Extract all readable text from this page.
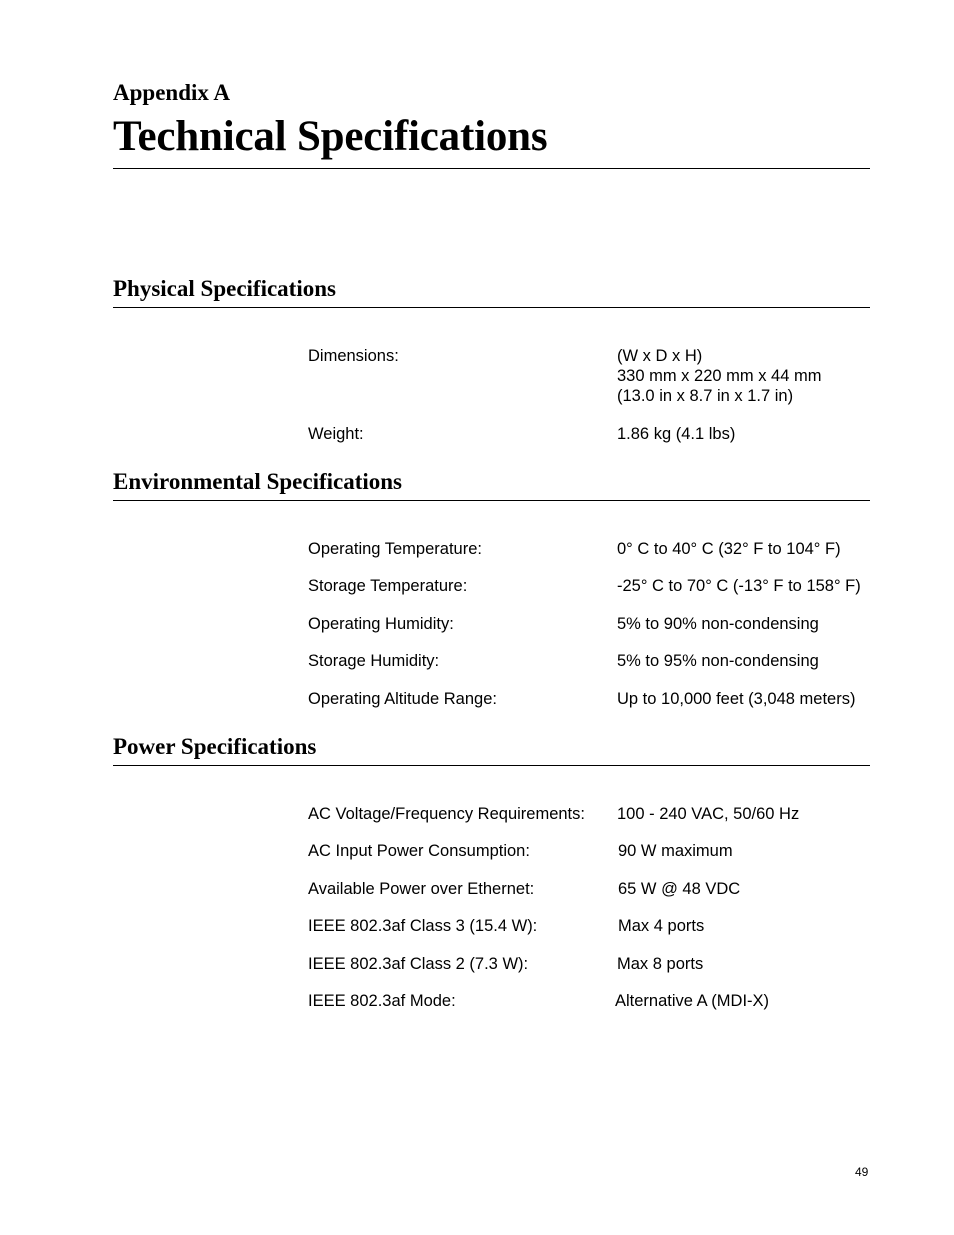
Appendix A
Technical Specifications
Physical Specifications
Dimensions:	(W x D x H)
330 mm x 220 mm x 44 mm
(13.0 in x 8.7 in x 1.7 in)
Weight:	1.86 kg (4.1 lbs)
Environmental Specifications
Operating Temperature:	0° C to 40° C (32° F to 104° F)
Storage Temperature:	-25° C to 70° C (-13° F to 158° F)
Operating Humidity:	5% to 90% non-condensing
Storage Humidity:	5% to 95% non-condensing
Operating Altitude Range:	Up to 10,000 feet (3,048 meters)
Power Specifications
AC Voltage/Frequency Requirements: 100 - 240 VAC, 50/60 Hz
AC Input Power Consumption:	90 W maximum
Available Power over Ethernet:	65 W @ 48 VDC
IEEE 802.3af Class 3 (15.4 W):	Max 4 ports
IEEE 802.3af Class 2 (7.3 W):	Max 8 ports
IEEE 802.3af Mode:	Alternative A (MDI-X)
49
